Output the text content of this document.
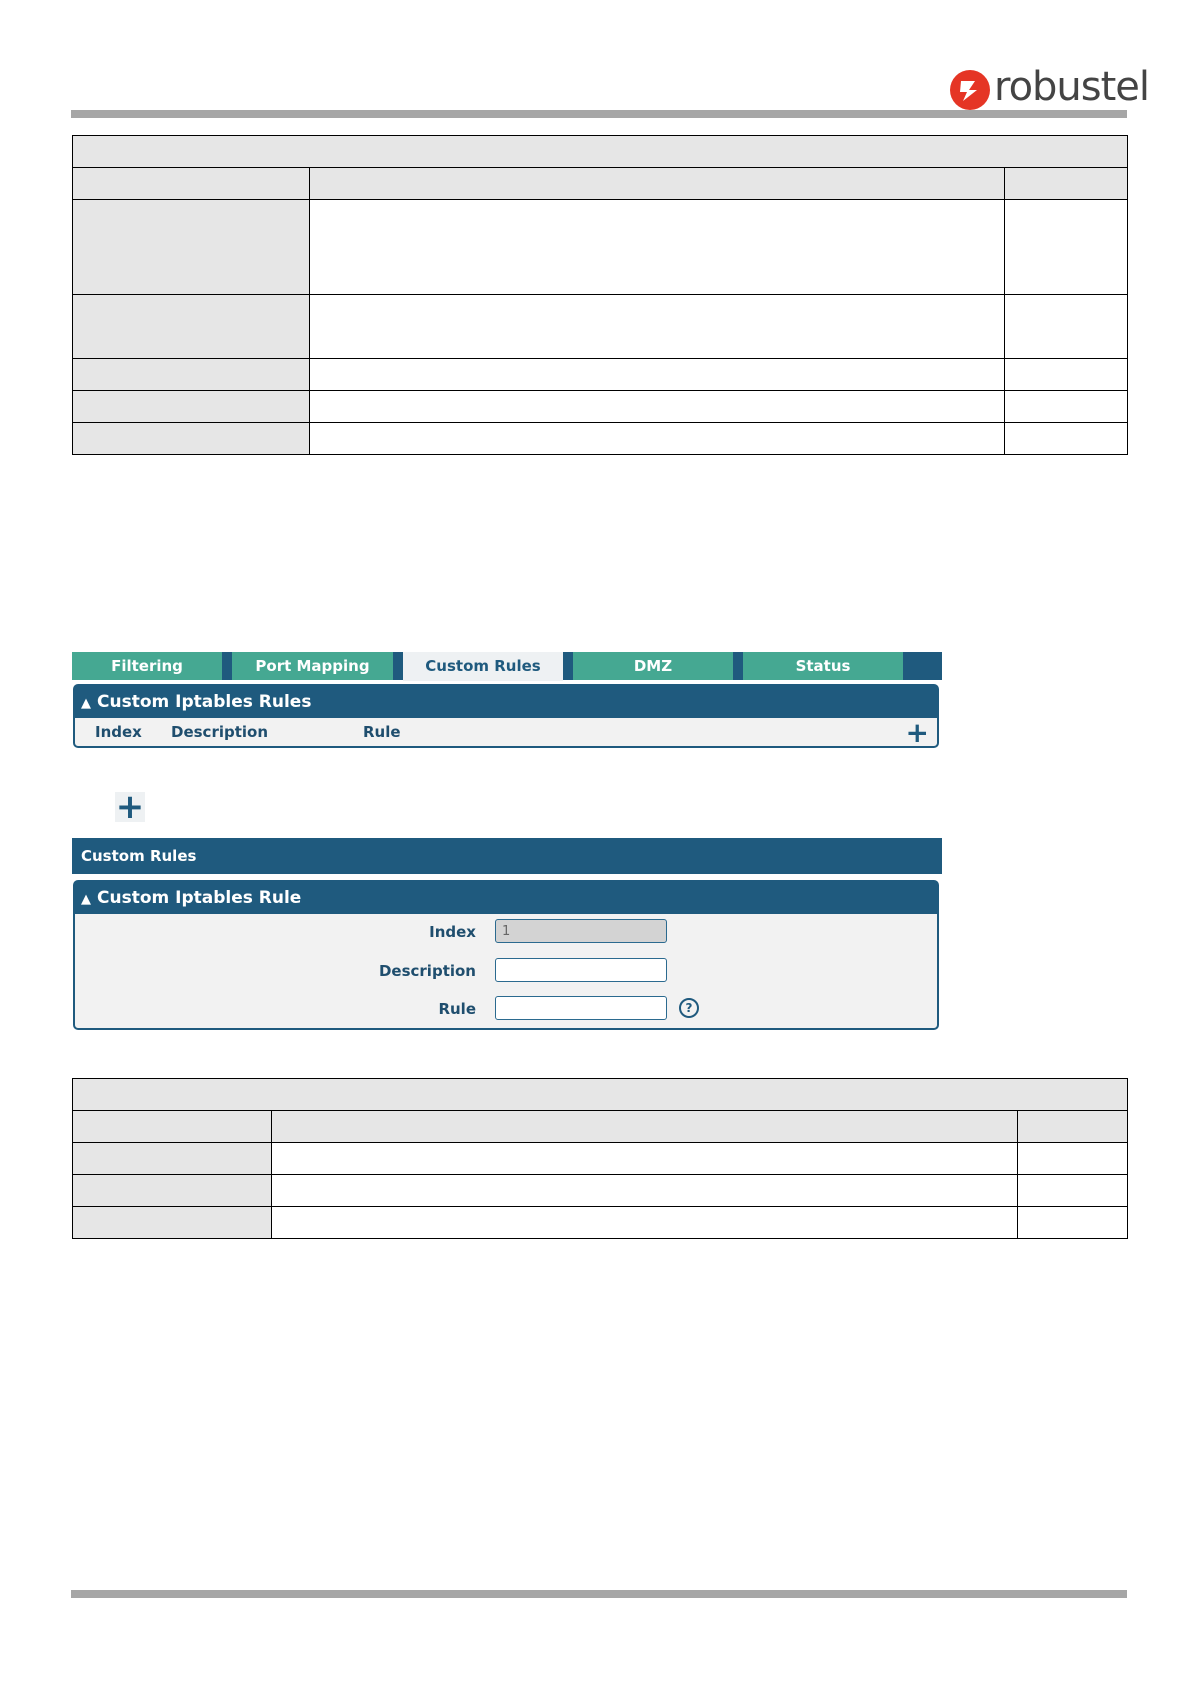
robustel

Filtering	Port Mapping	Custom Rules	DMZ	Status
▲ Custom Iptables Rules
Index Description	Rule	+
+
Custom Rules
▲ Custom Iptables Rule
Index
1
Description
Rule	?
